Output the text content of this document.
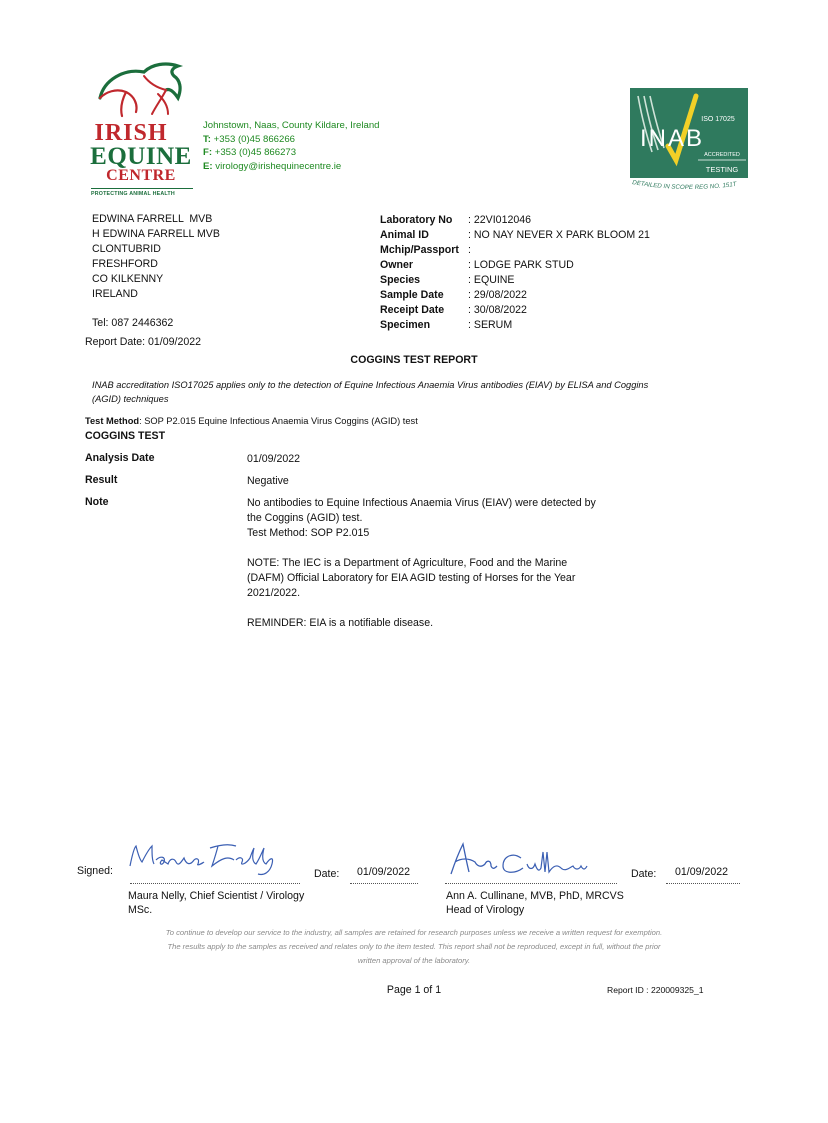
IRISH
EQUINE
CENTRE
PROTECTING ANIMAL HEALTH
Johnstown, Naas, County Kildare, Ireland
T: +353 (0)45 866266
F: +353 (0)45 866273
E: virology@irishequinecentre.ie
ISO 17025
INAB
ACCREDITED
TESTING
DETAILED IN SCOPE REG NO. 151T
EDWINA FARRELL  MVB
H EDWINA FARRELL MVB
CLONTUBRID
FRESHFORD
CO KILKENNY
IRELAND
Tel: 087 2446362
Report Date: 01/09/2022
Laboratory No	: 22VI012046
Animal ID	: NO NAY NEVER X PARK BLOOM 21
Mchip/Passport :
Owner	: LODGE PARK STUD
Species	: EQUINE
Sample Date	: 29/08/2022
Receipt Date	: 30/08/2022
Specimen	: SERUM
COGGINS TEST REPORT
INAB accreditation ISO17025 applies only to the detection of Equine Infectious Anaemia Virus antibodies (EIAV) by ELISA and Coggins (AGID) techniques
Test Method: SOP P2.015 Equine Infectious Anaemia Virus Coggins (AGID) test
COGGINS TEST
Analysis Date	01/09/2022
Result	Negative
Note	No antibodies to Equine Infectious Anaemia Virus (EIAV) were detected by
the Coggins (AGID) test.
Test Method: SOP P2.015
NOTE: The IEC is a Department of Agriculture, Food and the Marine
(DAFM) Official Laboratory for EIA AGID testing of Horses for the Year
2021/2022.
REMINDER: EIA is a notifiable disease.
Signed:	Date: 01/09/2022
Maura Nelly, Chief Scientist / Virology
MSc.
Date: 01/09/2022
Ann A. Cullinane, MVB, PhD, MRCVS
Head of Virology
To continue to develop our service to the industry, all samples are retained for research purposes unless we receive a written request for exemption.
The results apply to the samples as received and relates only to the item tested. This report shall not be reproduced, except in full, without the prior
written approval of the laboratory.
Page 1 of 1	Report ID : 220009325_1
